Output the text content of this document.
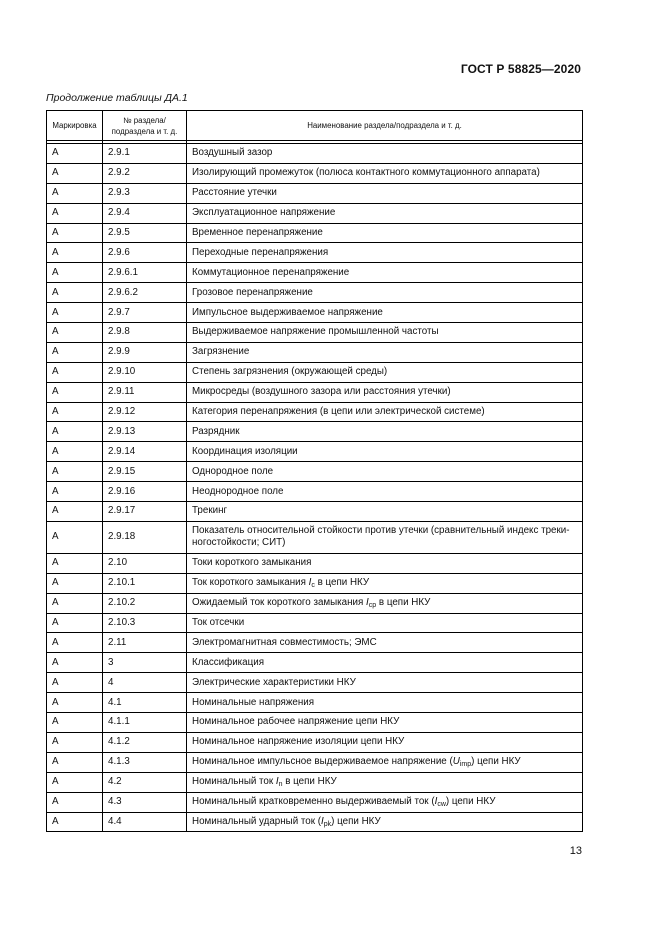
ГОСТ Р 58825—2020
Продолжение таблицы ДА.1
Маркировка	№ раздела/ подраздела и т. д.	Наименование раздела/подраздела и т. д.

A	2.9.1	Воздушный зазор
A	2.9.2	Изолирующий промежуток (полюса контактного коммутационного аппарата)
A	2.9.3	Расстояние утечки
A	2.9.4	Эксплуатационное напряжение
A	2.9.5	Временное перенапряжение
A	2.9.6	Переходные перенапряжения
A	2.9.6.1	Коммутационное перенапряжение
A	2.9.6.2	Грозовое перенапряжение
A	2.9.7	Импульсное выдерживаемое напряжение
A	2.9.8	Выдерживаемое напряжение промышленной частоты
A	2.9.9	Загрязнение
A	2.9.10	Степень загрязнения (окружающей среды)
A	2.9.11	Микросреды (воздушного зазора или расстояния утечки)
A	2.9.12	Категория перенапряжения (в цепи или электрической системе)
A	2.9.13	Разрядник
A	2.9.14	Координация изоляции
A	2.9.15	Однородное поле
A	2.9.16	Неоднородное поле
A	2.9.17	Трекинг
A	2.9.18	Показатель относительной стойкости против утечки (сравнительный индекс треки-
ногостойкости; СИТ)
A	2.10	Токи короткого замыкания
A	2.10.1	Ток короткого замыкания $I_c$ в цепи НКУ
A	2.10.2	Ожидаемый ток короткого замыкания $I_{cp}$ в цепи НКУ
A	2.10.3	Ток отсечки
A	2.11	Электромагнитная совместимость; ЭМС
A	3	Классификация
A	4	Электрические характеристики НКУ
A	4.1	Номинальные напряжения
A	4.1.1	Номинальное рабочее напряжение цепи НКУ
A	4.1.2	Номинальное напряжение изоляции цепи НКУ
A	4.1.3	Номинальное импульсное выдерживаемое напряжение $(U_{imp})$ цепи НКУ
A	4.2	Номинальный ток $I_n$ в цепи НКУ
A	4.3	Номинальный кратковременно выдерживаемый ток $(I_{cw})$ цепи НКУ
A	4.4	Номинальный ударный ток $(I_{pk})$ цепи НКУ
13
